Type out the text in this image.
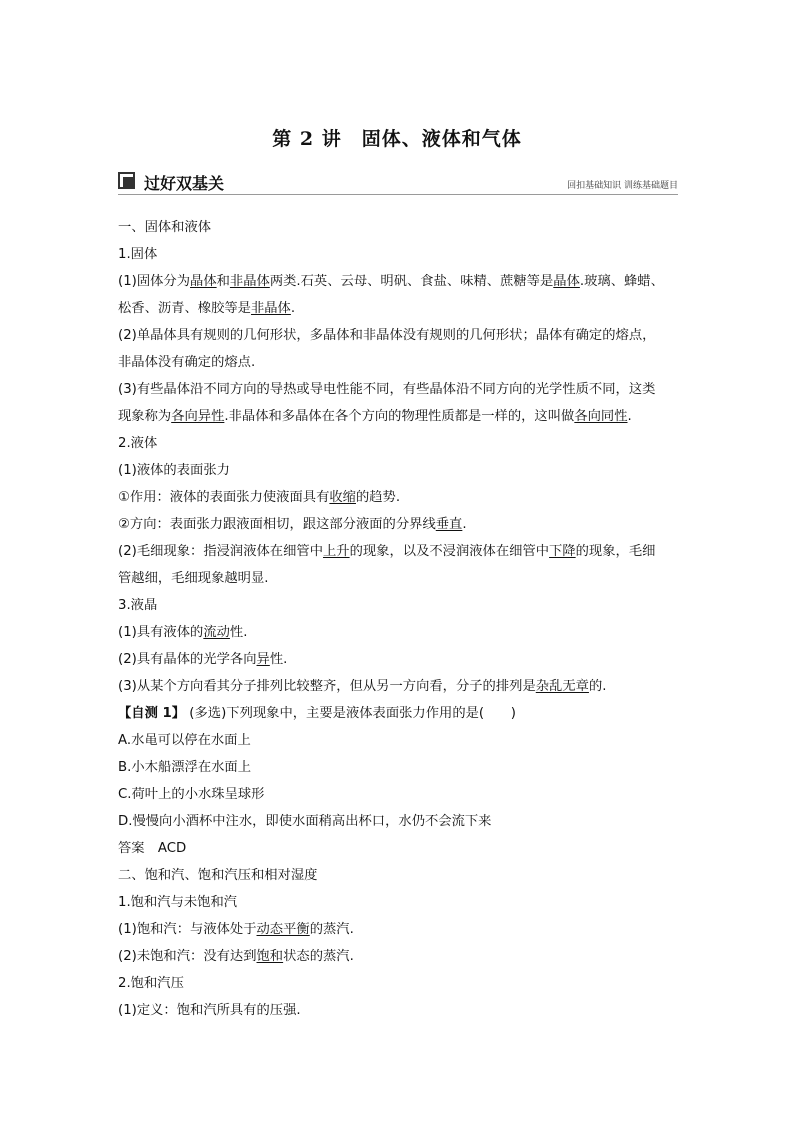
第 2 讲　固体、液体和气体
过好双基关	回扣基础知识 训练基础题目

一、固体和液体

1.固体

(1)固体分为晶体和非晶体两类.石英、云母、明矾、食盐、味精、蔗糖等是晶体.玻璃、蜂蜡、
松香、沥青、橡胶等是非晶体.

(2)单晶体具有规则的几何形状，多晶体和非晶体没有规则的几何形状；晶体有确定的熔点，
非晶体没有确定的熔点.

(3)有些晶体沿不同方向的导热或导电性能不同，有些晶体沿不同方向的光学性质不同，这类
现象称为各向异性.非晶体和多晶体在各个方向的物理性质都是一样的，这叫做各向同性.

2.液体

(1)液体的表面张力

①作用：液体的表面张力使液面具有收缩的趋势.

②方向：表面张力跟液面相切，跟这部分液面的分界线垂直.

(2)毛细现象：指浸润液体在细管中上升的现象，以及不浸润液体在细管中下降的现象，毛细
管越细，毛细现象越明显.

3.液晶

(1)具有液体的流动性.

(2)具有晶体的光学各向异性.

(3)从某个方向看其分子排列比较整齐，但从另一方向看，分子的排列是杂乱无章的.

【自测 1】 (多选)下列现象中，主要是液体表面张力作用的是(　　)

A.水黾可以停在水面上

B.小木船漂浮在水面上

C.荷叶上的小水珠呈球形

D.慢慢向小酒杯中注水，即使水面稍高出杯口，水仍不会流下来

答案　ACD

二、饱和汽、饱和汽压和相对湿度

1.饱和汽与未饱和汽

(1)饱和汽：与液体处于动态平衡的蒸汽.

(2)未饱和汽：没有达到饱和状态的蒸汽.

2.饱和汽压

(1)定义：饱和汽所具有的压强.
